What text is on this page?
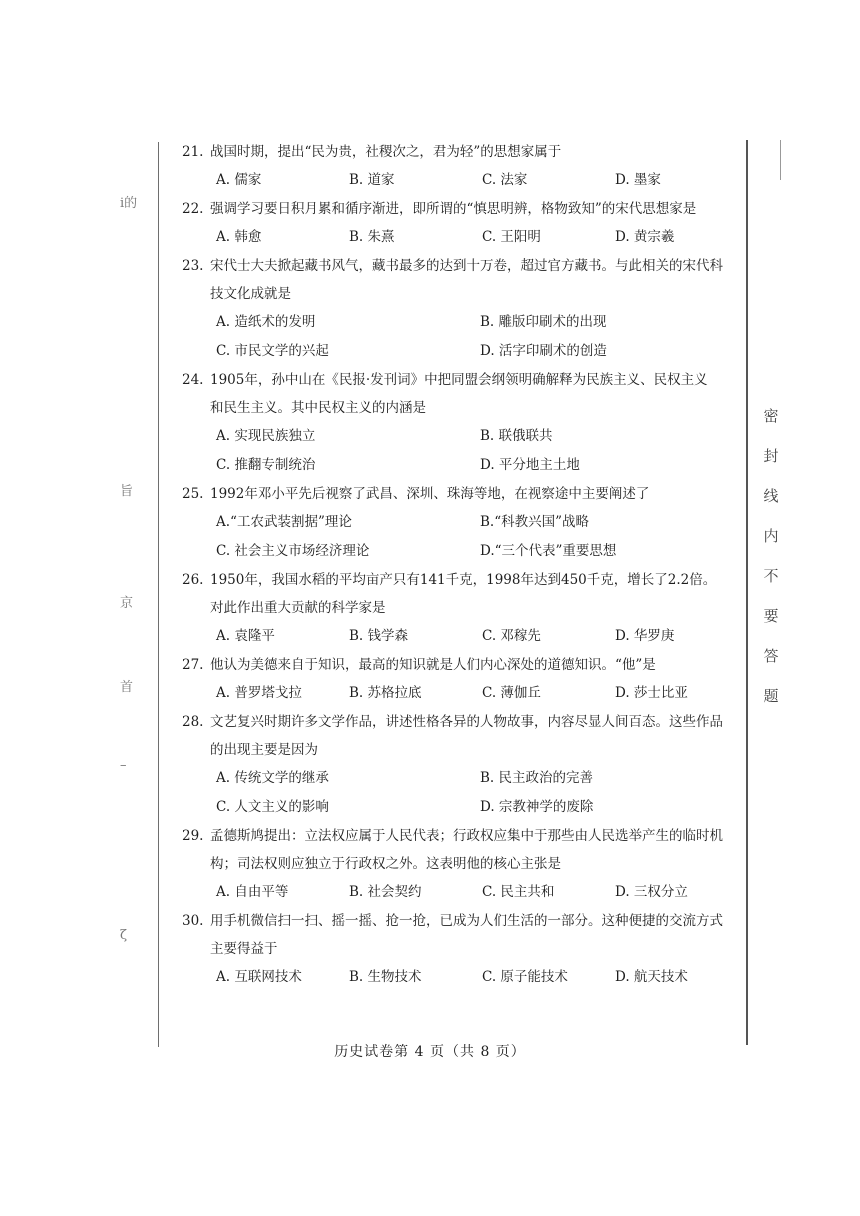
i的
旨
京
首
–
ζ
密
封
线
内
不
要
答
题
21. 战国时期，提出“民为贵，社稷次之，君为轻”的思想家属于
A. 儒家	B. 道家	C. 法家	D. 墨家
22. 强调学习要日积月累和循序渐进，即所谓的“慎思明辨，格物致知”的宋代思想家是
A. 韩愈	B. 朱熹	C. 王阳明	D. 黄宗羲
23. 宋代士大夫掀起藏书风气，藏书最多的达到十万卷，超过官方藏书。与此相关的宋代科
技文化成就是
A. 造纸术的发明	B. 雕版印刷术的出现
C. 市民文学的兴起	D. 活字印刷术的创造
24. 1905年，孙中山在《民报·发刊词》中把同盟会纲领明确解释为民族主义、民权主义
和民生主义。其中民权主义的内涵是
A. 实现民族独立	B. 联俄联共
C. 推翻专制统治	D. 平分地主土地
25. 1992年邓小平先后视察了武昌、深圳、珠海等地，在视察途中主要阐述了
A.“工农武装割据”理论	B.“科教兴国”战略
C. 社会主义市场经济理论	D.“三个代表”重要思想
26. 1950年，我国水稻的平均亩产只有141千克，1998年达到450千克，增长了2.2倍。
对此作出重大贡献的科学家是
A. 袁隆平	B. 钱学森	C. 邓稼先	D. 华罗庚
27. 他认为美德来自于知识，最高的知识就是人们内心深处的道德知识。“他”是
A. 普罗塔戈拉	B. 苏格拉底	C. 薄伽丘	D. 莎士比亚
28. 文艺复兴时期许多文学作品，讲述性格各异的人物故事，内容尽显人间百态。这些作品
的出现主要是因为
A. 传统文学的继承	B. 民主政治的完善
C. 人文主义的影响	D. 宗教神学的废除
29. 孟德斯鸠提出：立法权应属于人民代表；行政权应集中于那些由人民选举产生的临时机
构；司法权则应独立于行政权之外。这表明他的核心主张是
A. 自由平等	B. 社会契约	C. 民主共和	D. 三权分立
30. 用手机微信扫一扫、摇一摇、抢一抢，已成为人们生活的一部分。这种便捷的交流方式
主要得益于
A. 互联网技术	B. 生物技术	C. 原子能技术	D. 航天技术
历史试卷第 4 页（共 8 页）
